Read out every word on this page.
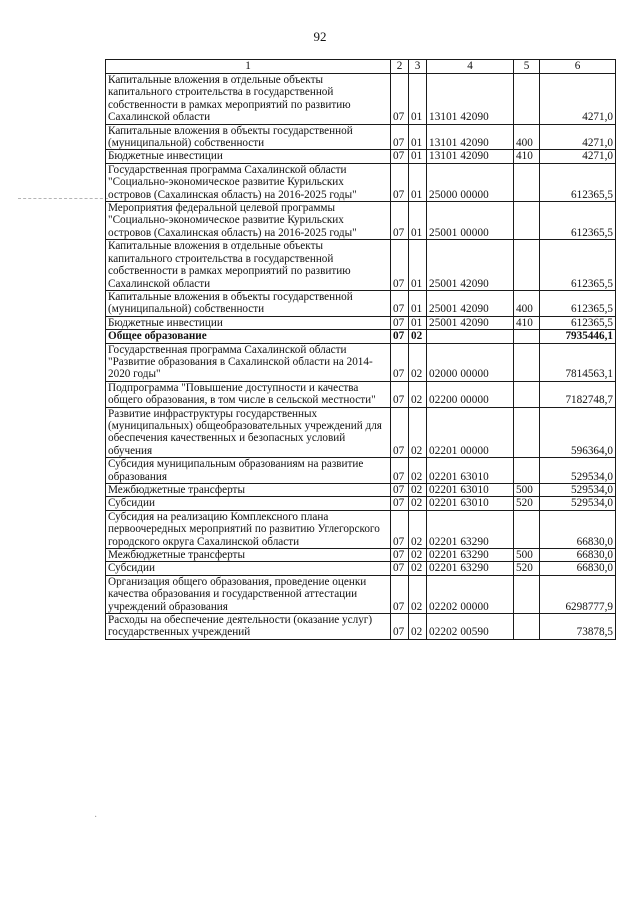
92
·
1	2	3	4	5	6
Капитальные вложения в отдельные объекты капитального строительства в государственной собственности в рамках мероприятий по развитию Сахалинской области	07	01	13101 42090		4271,0
Капитальные вложения в объекты государственной (муниципальной) собственности	07	01	13101 42090	400	4271,0
Бюджетные инвестиции	07	01	13101 42090	410	4271,0
Государственная программа Сахалинской области "Социально-экономическое развитие Курильских островов (Сахалинская область) на 2016-2025 годы"	07	01	25000 00000		612365,5
Мероприятия федеральной целевой программы "Социально-экономическое развитие Курильских островов (Сахалинская область) на 2016-2025 годы"	07	01	25001 00000		612365,5
Капитальные вложения в отдельные объекты капитального строительства в государственной собственности в рамках мероприятий по развитию Сахалинской области	07	01	25001 42090		612365,5
Капитальные вложения в объекты государственной (муниципальной) собственности	07	01	25001 42090	400	612365,5
Бюджетные инвестиции	07	01	25001 42090	410	612365,5
Общее образование	07	02			7935446,1
Государственная программа Сахалинской области "Развитие образования в Сахалинской области на 2014-2020 годы"	07	02	02000 00000		7814563,1
Подпрограмма "Повышение доступности и качества общего образования, в том числе в сельской местности"	07	02	02200 00000		7182748,7
Развитие инфраструктуры государственных (муниципальных) общеобразовательных учреждений для обеспечения качественных и безопасных условий обучения	07	02	02201 00000		596364,0
Субсидия муниципальным образованиям на развитие образования	07	02	02201 63010		529534,0
Межбюджетные трансферты	07	02	02201 63010	500	529534,0
Субсидии	07	02	02201 63010	520	529534,0
Субсидия на реализацию Комплексного плана первоочередных мероприятий по развитию Углегорского городского округа Сахалинской области	07	02	02201 63290		66830,0
Межбюджетные трансферты	07	02	02201 63290	500	66830,0
Субсидии	07	02	02201 63290	520	66830,0
Организация общего образования, проведение оценки качества образования и государственной аттестации учреждений образования	07	02	02202 00000		6298777,9
Расходы на обеспечение деятельности (оказание услуг) государственных учреждений	07	02	02202 00590		73878,5
